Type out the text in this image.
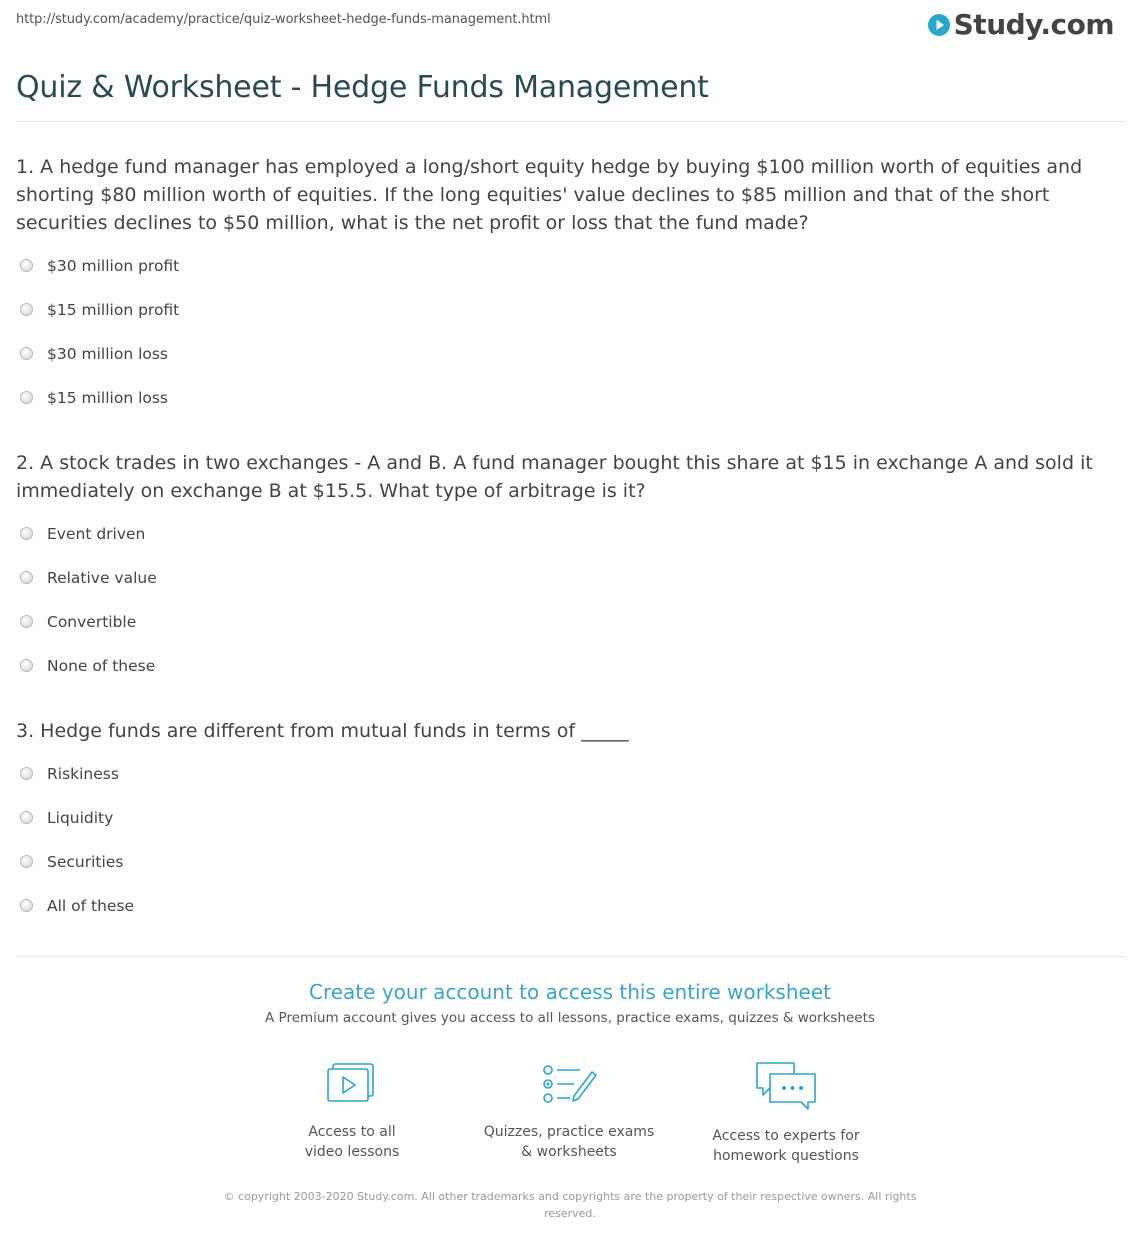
http://study.com/academy/practice/quiz-worksheet-hedge-funds-management.html	Study.com
Quiz & Worksheet - Hedge Funds Management
1. A hedge fund manager has employed a long/short equity hedge by buying $100 million worth of equities and shorting $80 million worth of equities. If the long equities' value declines to $85 million and that of the short securities declines to $50 million, what is the net profit or loss that the fund made?
$30 million profit
$15 million profit
$30 million loss
$15 million loss
2. A stock trades in two exchanges - A and B. A fund manager bought this share at $15 in exchange A and sold it immediately on exchange B at $15.5. What type of arbitrage is it?
Event driven
Relative value
Convertible
None of these
3. Hedge funds are different from mutual funds in terms of _____
Riskiness
Liquidity
Securities
All of these
Create your account to access this entire worksheet
A Premium account gives you access to all lessons, practice exams, quizzes & worksheets
Access to all
video lessons
Quizzes, practice exams
& worksheets
Access to experts for
homework questions
© copyright 2003-2020 Study.com. All other trademarks and copyrights are the property of their respective owners. All rights reserved.
